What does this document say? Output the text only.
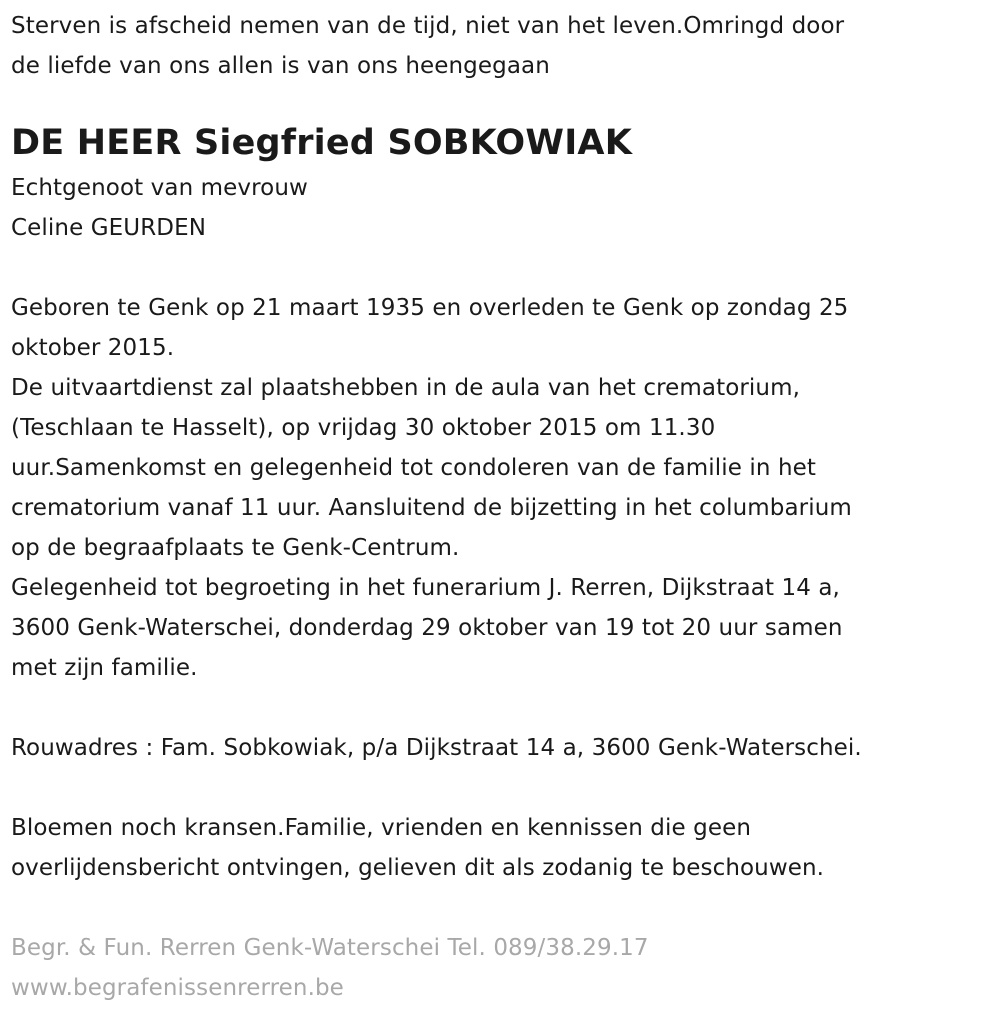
Sterven is afscheid nemen van de tijd, niet van het leven.Omringd door
de liefde van ons allen is van ons heengegaan
DE HEER Siegfried SOBKOWIAK
Echtgenoot van mevrouw
Celine GEURDEN
Geboren te Genk op 21 maart 1935 en overleden te Genk op zondag 25
oktober 2015.
De uitvaartdienst zal plaatshebben in de aula van het crematorium,
(Teschlaan te Hasselt), op vrijdag 30 oktober 2015 om 11.30
uur.Samenkomst en gelegenheid tot condoleren van de familie in het
crematorium vanaf 11 uur. Aansluitend de bijzetting in het columbarium
op de begraafplaats te Genk-Centrum.
Gelegenheid tot begroeting in het funerarium J. Rerren, Dijkstraat 14 a,
3600 Genk-Waterschei, donderdag 29 oktober van 19 tot 20 uur samen
met zijn familie.
Rouwadres : Fam. Sobkowiak, p/a Dijkstraat 14 a, 3600 Genk-Waterschei.
Bloemen noch kransen.Familie, vrienden en kennissen die geen
overlijdensbericht ontvingen, gelieven dit als zodanig te beschouwen.
Begr. & Fun. Rerren Genk-Waterschei Tel. 089/38.29.17
www.begrafenissenrerren.be
